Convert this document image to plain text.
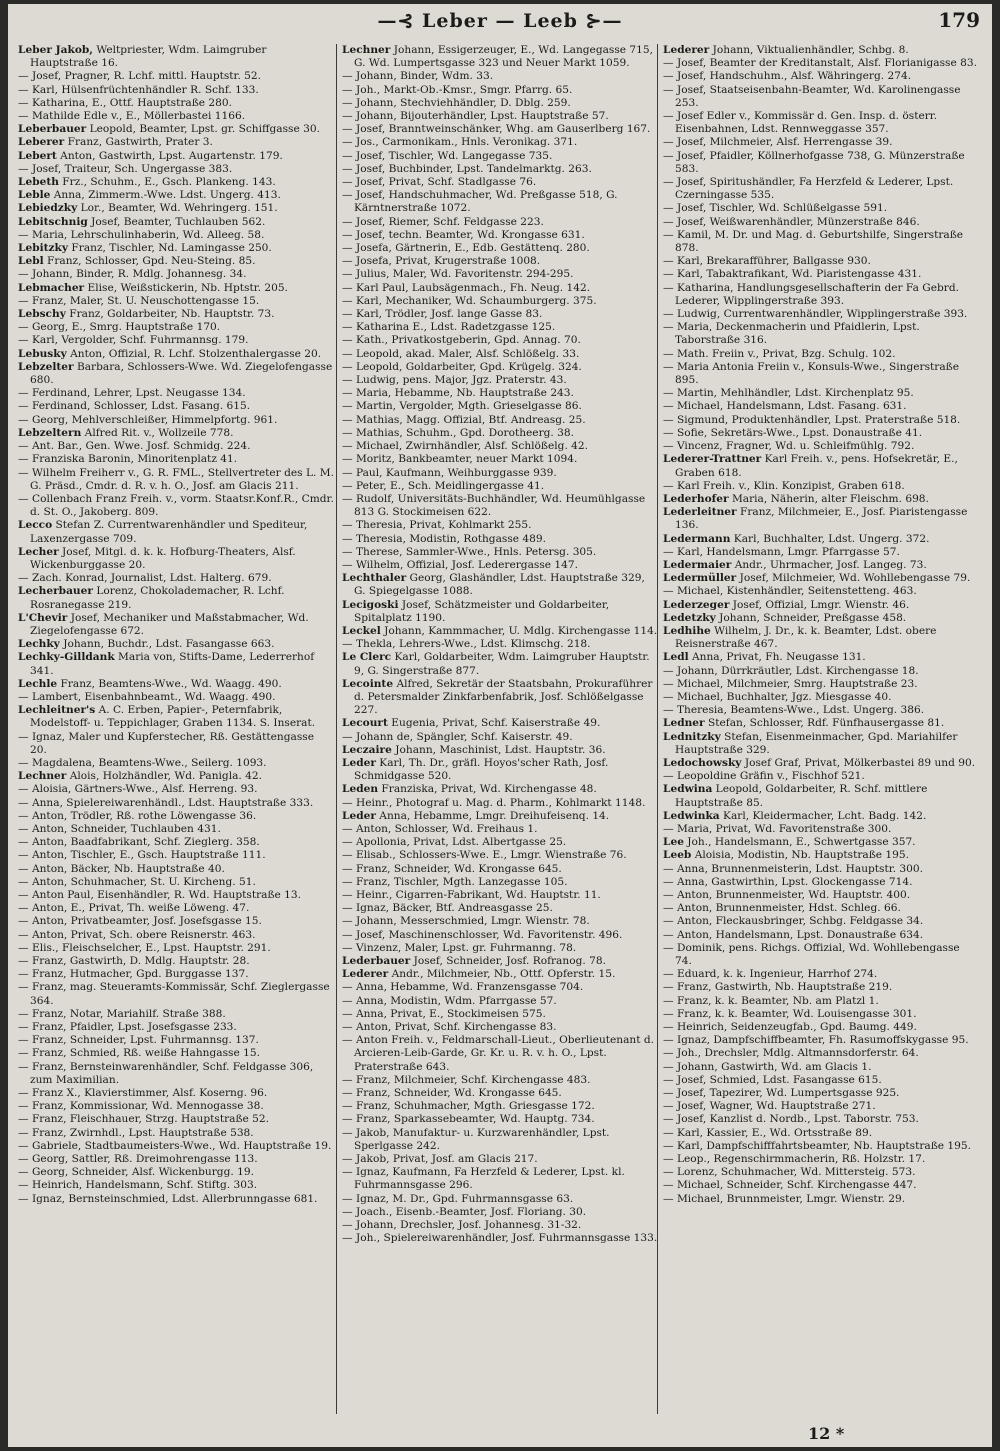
—⊰ Leber — Leeb ⊱—	179

Leber Jakob, Weltpriester, Wdm. Laimgruber Hauptstraße 16.

— Josef, Pragner, R. Lchf. mittl. Hauptstr. 52.

— Karl, Hülsenfrüchtenhändler R. Schf. 133.

— Katharina, E., Ottf. Hauptstraße 280.

— Mathilde Edle v., E., Möllerbastei 1166.

Leberbauer Leopold, Beamter, Lpst. gr. Schiffgasse 30.

Leberer Franz, Gastwirth, Prater 3.

Lebert Anton, Gastwirth, Lpst. Augartenstr. 179.

— Josef, Traiteur, Sch. Ungergasse 383.

Lebeth Frz., Schuhm., E., Gsch. Plankeng. 143.

Leble Anna, Zimmerm.-Wwe. Ldst. Ungerg. 413.

Lebiedzky Lor., Beamter, Wd. Wehringerg. 151.

Lebitschnig Josef, Beamter, Tuchlauben 562.

— Maria, Lehrschulinhaberin, Wd. Alleeg. 58.

Lebitzky Franz, Tischler, Nd. Lamingasse 250.

Lebl Franz, Schlosser, Gpd. Neu-Steing. 85.

— Johann, Binder, R. Mdlg. Johannesg. 34.

Lebmacher Elise, Weißstickerin, Nb. Hptstr. 205.

— Franz, Maler, St. U. Neuschottengasse 15.

Lebschy Franz, Goldarbeiter, Nb. Hauptstr. 73.

— Georg, E., Smrg. Hauptstraße 170.

— Karl, Vergolder, Schf. Fuhrmannsg. 179.

Lebusky Anton, Offizial, R. Lchf. Stolzenthalergasse 20.

Lebzelter Barbara, Schlossers-Wwe. Wd. Ziegelofengasse 680.

— Ferdinand, Lehrer, Lpst. Neugasse 134.

— Ferdinand, Schlosser, Ldst. Fasang. 615.

— Georg, Mehlverschleißer, Himmelpfortg. 961.

Lebzeltern Alfred Rit. v., Wollzeile 778.

— Ant. Bar., Gen. Wwe. Josf. Schmidg. 224.

— Franziska Baronin, Minoritenplatz 41.

— Wilhelm Freiherr v., G. R. FML., Stellvertreter des L. M. G. Präsd., Cmdr. d. R. v. h. O., Josf. am Glacis 211.

— Collenbach Franz Freih. v., vorm. Staatsr.Konf.R., Cmdr. d. St. O., Jakoberg. 809.

Lecco Stefan Z. Currentwarenhändler und Spediteur, Laxenzergasse 709.

Lecher Josef, Mitgl. d. k. k. Hofburg-Theaters, Alsf. Wickenburggasse 20.

— Zach. Konrad, Journalist, Ldst. Halterg. 679.

Lecherbauer Lorenz, Chokolademacher, R. Lchf. Rosranegasse 219.

L'Chevir Josef, Mechaniker und Maßstabmacher, Wd. Ziegelofengasse 672.

Lechky Johann, Buchdr., Ldst. Fasangasse 663.

Lechky-Gilldank Maria von, Stifts-Dame, Lederrerhof 341.

Lechle Franz, Beamtens-Wwe., Wd. Waagg. 490.

— Lambert, Eisenbahnbeamt., Wd. Waagg. 490.

Lechleitner's A. C. Erben, Papier-, Peternfabrik, Modelstoff- u. Teppichlager, Graben 1134. S. Inserat.

— Ignaz, Maler und Kupferstecher, Rß. Gestättengasse 20.

— Magdalena, Beamtens-Wwe., Seilerg. 1093.

Lechner Alois, Holzhändler, Wd. Panigla. 42.

— Aloisia, Gärtners-Wwe., Alsf. Herreng. 93.

— Anna, Spielereiwarenhändl., Ldst. Hauptstraße 333.

— Anton, Trödler, Rß. rothe Löwengasse 36.

— Anton, Schneider, Tuchlauben 431.

— Anton, Baadfabrikant, Schf. Zieglerg. 358.

— Anton, Tischler, E., Gsch. Hauptstraße 111.

— Anton, Bäcker, Nb. Hauptstraße 40.

— Anton, Schuhmacher, St. U. Kircheng. 51.

— Anton Paul, Eisenhändler, R. Wd. Hauptstraße 13.

— Anton, E., Privat, Th. weiße Löweng. 47.

— Anton, Privatbeamter, Josf. Josefsgasse 15.

— Anton, Privat, Sch. obere Reisnerstr. 463.

— Elis., Fleischselcher, E., Lpst. Hauptstr. 291.

— Franz, Gastwirth, D. Mdlg. Hauptstr. 28.

— Franz, Hutmacher, Gpd. Burggasse 137.

— Franz, mag. Steueramts-Kommissär, Schf. Zieglergasse 364.

— Franz, Notar, Mariahilf. Straße 388.

— Franz, Pfaidler, Lpst. Josefsgasse 233.

— Franz, Schneider, Lpst. Fuhrmannsg. 137.

— Franz, Schmied, Rß. weiße Hahngasse 15.

— Franz, Bernsteinwarenhändler, Schf. Feldgasse 306, zum Maximilian.

— Franz X., Klavierstimmer, Alsf. Koserng. 96.

— Franz, Kommissionar, Wd. Mennogasse 38.

— Franz, Fleischhauer, Strzg. Hauptstraße 52.

— Franz, Zwirnhdl., Lpst. Hauptstraße 538.

— Gabriele, Stadtbaumeisters-Wwe., Wd. Hauptstraße 19.

— Georg, Sattler, Rß. Dreimohrengasse 113.

— Georg, Schneider, Alsf. Wickenburgg. 19.

— Heinrich, Handelsmann, Schf. Stiftg. 303.

— Ignaz, Bernsteinschmied, Ldst. Allerbrunngasse 681.

Lechner Johann, Essigerzeuger, E., Wd. Langegasse 715, G. Wd. Lumpertsgasse 323 und Neuer Markt 1059.

— Johann, Binder, Wdm. 33.

— Joh., Markt-Ob.-Kmsr., Smgr. Pfarrg. 65.

— Johann, Stechviehhändler, D. Dblg. 259.

— Johann, Bijouterhändler, Lpst. Hauptstraße 57.

— Josef, Branntweinschänker, Whg. am Gauserlberg 167.

— Jos., Carmonikam., Hnls. Veronikag. 371.

— Josef, Tischler, Wd. Langegasse 735.

— Josef, Buchbinder, Lpst. Tandelmarktg. 263.

— Josef, Privat, Schf. Stadlgasse 76.

— Josef, Handschuhmacher, Wd. Preßgasse 518, G. Kärntnerstraße 1072.

— Josef, Riemer, Schf. Feldgasse 223.

— Josef, techn. Beamter, Wd. Krongasse 631.

— Josefa, Gärtnerin, E., Edb. Gestättenq. 280.

— Josefa, Privat, Krugerstraße 1008.

— Julius, Maler, Wd. Favoritenstr. 294-295.

— Karl Paul, Laubsägenmach., Fh. Neug. 142.

— Karl, Mechaniker, Wd. Schaumburgerg. 375.

— Karl, Trödler, Josf. lange Gasse 83.

— Katharina E., Ldst. Radetzgasse 125.

— Kath., Privatkostgeberin, Gpd. Annag. 70.

— Leopold, akad. Maler, Alsf. Schlößelg. 33.

— Leopold, Goldarbeiter, Gpd. Krügelg. 324.

— Ludwig, pens. Major, Jgz. Praterstr. 43.

— Maria, Hebamme, Nb. Hauptstraße 243.

— Martin, Vergolder, Mgth. Grieselgasse 86.

— Mathias, Magg. Offizial, Btf. Andreasg. 25.

— Mathias, Schuhm., Gpd. Dorotheerg. 38.

— Michael, Zwirnhändler, Alsf. Schlößelg. 42.

— Moritz, Bankbeamter, neuer Markt 1094.

— Paul, Kaufmann, Weihburggasse 939.

— Peter, E., Sch. Meidlingergasse 41.

— Rudolf, Universitäts-Buchhändler, Wd. Heumühlgasse 813 G. Stockimeisen 622.

— Theresia, Privat, Kohlmarkt 255.

— Theresia, Modistin, Rothgasse 489.

— Therese, Sammler-Wwe., Hnls. Petersg. 305.

— Wilhelm, Offizial, Josf. Lederergasse 147.

Lechthaler Georg, Glashändler, Ldst. Hauptstraße 329, G. Spiegelgasse 1088.

Lecigoski Josef, Schätzmeister und Goldarbeiter, Spitalplatz 1190.

Leckel Johann, Kammmacher, U. Mdlg. Kirchengasse 114.

— Thekla, Lehrers-Wwe., Ldst. Klimschg. 218.

Le Clerc Karl, Goldarbeiter, Wdm. Laimgruber Hauptstr. 9, G. Singerstraße 877.

Lecointe Alfred, Sekretär der Staatsbahn, Prokuraführer d. Petersmalder Zinkfarbenfabrik, Josf. Schlößelgasse 227.

Lecourt Eugenia, Privat, Schf. Kaiserstraße 49.

— Johann de, Spängler, Schf. Kaiserstr. 49.

Leczaire Johann, Maschinist, Ldst. Hauptstr. 36.

Leder Karl, Th. Dr., gräfl. Hoyos'scher Rath, Josf. Schmidgasse 520.

Leden Franziska, Privat, Wd. Kirchengasse 48.

— Heinr., Photograf u. Mag. d. Pharm., Kohlmarkt 1148.

Leder Anna, Hebamme, Lmgr. Dreihufeisenq. 14.

— Anton, Schlosser, Wd. Freihaus 1.

— Apollonia, Privat, Ldst. Albertgasse 25.

— Elisab., Schlossers-Wwe. E., Lmgr. Wienstraße 76.

— Franz, Schneider, Wd. Krongasse 645.

— Franz, Tischler, Mgth. Lanzegasse 105.

— Heinr., Cigarren-Fabrikant, Wd. Hauptstr. 11.

— Ignaz, Bäcker, Btf. Andreasgasse 25.

— Johann, Messerschmied, Lmgr. Wienstr. 78.

— Josef, Maschinenschlosser, Wd. Favoritenstr. 496.

— Vinzenz, Maler, Lpst. gr. Fuhrmanng. 78.

Lederbauer Josef, Schneider, Josf. Rofranog. 78.

Lederer Andr., Milchmeier, Nb., Ottf. Opferstr. 15.

— Anna, Hebamme, Wd. Franzensgasse 704.

— Anna, Modistin, Wdm. Pfarrgasse 57.

— Anna, Privat, E., Stockimeisen 575.

— Anton, Privat, Schf. Kirchengasse 83.

— Anton Freih. v., Feldmarschall-Lieut., Oberlieutenant d. Arcieren-Leib-Garde, Gr. Kr. u. R. v. h. O., Lpst. Praterstraße 643.

— Franz, Milchmeier, Schf. Kirchengasse 483.

— Franz, Schneider, Wd. Krongasse 645.

— Franz, Schuhmacher, Mgth. Griesgasse 172.

— Franz, Sparkassebeamter, Wd. Hauptg. 734.

— Jakob, Manufaktur- u. Kurzwarenhändler, Lpst. Sperlgasse 242.

— Jakob, Privat, Josf. am Glacis 217.

— Ignaz, Kaufmann, Fa Herzfeld & Lederer, Lpst. kl. Fuhrmannsgasse 296.

— Ignaz, M. Dr., Gpd. Fuhrmannsgasse 63.

— Joach., Eisenb.-Beamter, Josf. Floriang. 30.

— Johann, Drechsler, Josf. Johannesg. 31-32.

— Joh., Spielereiwarenhändler, Josf. Fuhrmannsgasse 133.

Lederer Johann, Viktualienhändler, Schbg. 8.

— Josef, Beamter der Kreditanstalt, Alsf. Florianigasse 83.

— Josef, Handschuhm., Alsf. Währingerg. 274.

— Josef, Staatseisenbahn-Beamter, Wd. Karolinengasse 253.

— Josef Edler v., Kommissär d. Gen. Insp. d. österr. Eisenbahnen, Ldst. Rennweggasse 357.

— Josef, Milchmeier, Alsf. Herrengasse 39.

— Josef, Pfaidler, Köllnerhofgasse 738, G. Münzerstraße 583.

— Josef, Spiritushändler, Fa Herzfeld & Lederer, Lpst. Czerningasse 535.

— Josef, Tischler, Wd. Schlüßelgasse 591.

— Josef, Weißwarenhändler, Münzerstraße 846.

— Kamil, M. Dr. und Mag. d. Geburtshilfe, Singerstraße 878.

— Karl, Brekarafführer, Ballgasse 930.

— Karl, Tabaktrafikant, Wd. Piaristengasse 431.

— Katharina, Handlungsgesellschafterin der Fa Gebrd. Lederer, Wipplingerstraße 393.

— Ludwig, Currentwarenhändler, Wipplingerstraße 393.

— Maria, Deckenmacherin und Pfaidlerin, Lpst. Taborstraße 316.

— Math. Freiin v., Privat, Bzg. Schulg. 102.

— Maria Antonia Freiin v., Konsuls-Wwe., Singerstraße 895.

— Martin, Mehlhändler, Ldst. Kirchenplatz 95.

— Michael, Handelsmann, Ldst. Fasang. 631.

— Sigmund, Produktenhändler, Lpst. Praterstraße 518.

— Sofie, Sekretärs-Wwe., Lpst. Donaustraße 41.

— Vincenz, Fragner, Wd. u. Schleifmühlg. 792.

Lederer-Trattner Karl Freih. v., pens. Hofsekretär, E., Graben 618.

— Karl Freih. v., Klin. Konzipist, Graben 618.

Lederhofer Maria, Näherin, alter Fleischm. 698.

Lederleitner Franz, Milchmeier, E., Josf. Piaristengasse 136.

Ledermann Karl, Buchhalter, Ldst. Ungerg. 372.

— Karl, Handelsmann, Lmgr. Pfarrgasse 57.

Ledermaier Andr., Uhrmacher, Josf. Langeg. 73.

Ledermüller Josef, Milchmeier, Wd. Wohllebengasse 79.

— Michael, Kistenhändler, Seitenstetteng. 463.

Lederzeger Josef, Offizial, Lmgr. Wienstr. 46.

Ledetzky Johann, Schneider, Preßgasse 458.

Ledhihe Wilhelm, J. Dr., k. k. Beamter, Ldst. obere Reisnerstraße 467.

Ledl Anna, Privat, Fh. Neugasse 131.

— Johann, Dürrkräutler, Ldst. Kirchengasse 18.

— Michael, Milchmeier, Smrg. Hauptstraße 23.

— Michael, Buchhalter, Jgz. Miesgasse 40.

— Theresia, Beamtens-Wwe., Ldst. Ungerg. 386.

Ledner Stefan, Schlosser, Rdf. Fünfhausergasse 81.

Lednitzky Stefan, Eisenmeinmacher, Gpd. Mariahilfer Hauptstraße 329.

Ledochowsky Josef Graf, Privat, Mölkerbastei 89 und 90.

— Leopoldine Gräfin v., Fischhof 521.

Ledwina Leopold, Goldarbeiter, R. Schf. mittlere Hauptstraße 85.

Ledwinka Karl, Kleidermacher, Lcht. Badg. 142.

— Maria, Privat, Wd. Favoritenstraße 300.

Lee Joh., Handelsmann, E., Schwertgasse 357.

Leeb Aloisia, Modistin, Nb. Hauptstraße 195.

— Anna, Brunnenmeisterin, Ldst. Hauptstr. 300.

— Anna, Gastwirthin, Lpst. Glockengasse 714.

— Anton, Brunnenmeister, Wd. Hauptstr. 400.

— Anton, Brunnenmeister, Hdst. Schleg. 66.

— Anton, Fleckausbringer, Schbg. Feldgasse 34.

— Anton, Handelsmann, Lpst. Donaustraße 634.

— Dominik, pens. Richgs. Offizial, Wd. Wohllebengasse 74.

— Eduard, k. k. Ingenieur, Harrhof 274.

— Franz, Gastwirth, Nb. Hauptstraße 219.

— Franz, k. k. Beamter, Nb. am Platzl 1.

— Franz, k. k. Beamter, Wd. Louisengasse 301.

— Heinrich, Seidenzeugfab., Gpd. Baumg. 449.

— Ignaz, Dampfschiffbeamter, Fh. Rasumoffskygasse 95.

— Joh., Drechsler, Mdlg. Altmannsdorferstr. 64.

— Johann, Gastwirth, Wd. am Glacis 1.

— Josef, Schmied, Ldst. Fasangasse 615.

— Josef, Tapezirer, Wd. Lumpertsgasse 925.

— Josef, Wagner, Wd. Hauptstraße 271.

— Josef, Kanzlist d. Nordb., Lpst. Taborstr. 753.

— Karl, Kassier, E., Wd. Ortsstraße 89.

— Karl, Dampfschifffahrtsbeamter, Nb. Hauptstraße 195.

— Leop., Regenschirmmacherin, Rß. Holzstr. 17.

— Lorenz, Schuhmacher, Wd. Mittersteig. 573.

— Michael, Schneider, Schf. Kirchengasse 447.

— Michael, Brunnmeister, Lmgr. Wienstr. 29.

12 *
